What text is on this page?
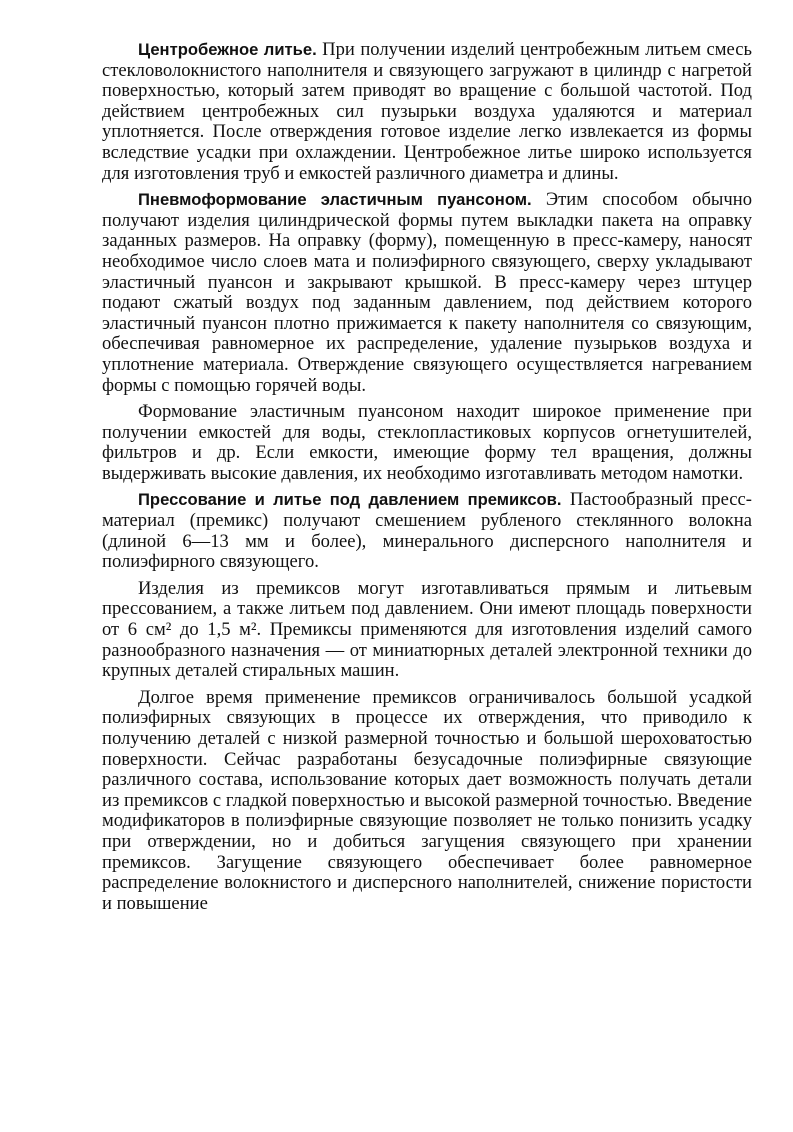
Центробежное литье. При получении изделий центробежным литьем смесь стекловолокнистого наполнителя и связующего загружают в цилиндр с нагретой поверхностью, который затем приводят во вращение с большой частотой. Под действием центробежных сил пузырьки воздуха удаляются и материал уплотняется. После отверждения готовое изделие легко извлекается из формы вследствие усадки при охлаждении. Центробежное литье широко используется для изготовления труб и емкостей различного диаметра и длины.

Пневмоформование эластичным пуансоном. Этим способом обычно получают изделия цилиндрической формы путем выкладки пакета на оправку заданных размеров. На оправку (форму), помещенную в пресс-камеру, наносят необходимое число слоев мата и полиэфирного связующего, сверху укладывают эластичный пуансон и закрывают крышкой. В пресс-камеру через штуцер подают сжатый воздух под заданным давлением, под действием которого эластичный пуансон плотно прижимается к пакету наполнителя со связующим, обеспечивая равномерное их распределение, удаление пузырьков воздуха и уплотнение материала. Отверждение связующего осуществляется нагреванием формы с помощью горячей воды.

Формование эластичным пуансоном находит широкое применение при получении емкостей для воды, стеклопластиковых корпусов огнетушителей, фильтров и др. Если емкости, имеющие форму тел вращения, должны выдерживать высокие давления, их необходимо изготавливать методом намотки.

Прессование и литье под давлением премиксов. Пастообразный пресс-материал (премикс) получают смешением рубленого стеклянного волокна (длиной 6—13 мм и более), минерального дисперсного наполнителя и полиэфирного связующего.

Изделия из премиксов могут изготавливаться прямым и литьевым прессованием, а также литьем под давлением. Они имеют площадь поверхности от 6 см² до 1,5 м². Премиксы применяются для изготовления изделий самого разнообразного назначения — от миниатюрных деталей электронной техники до крупных деталей стиральных машин.

Долгое время применение премиксов ограничивалось большой усадкой полиэфирных связующих в процессе их отверждения, что приводило к получению деталей с низкой размерной точностью и большой шероховатостью поверхности. Сейчас разработаны безусадочные полиэфирные связующие различного состава, использование которых дает возможность получать детали из премиксов с гладкой поверхностью и высокой размерной точностью. Введение модификаторов в полиэфирные связующие позволяет не только понизить усадку при отверждении, но и добиться загущения связующего при хранении премиксов. Загущение связующего обеспечивает более равномерное распределение волокнистого и дисперсного наполнителей, снижение пористости и повышение
